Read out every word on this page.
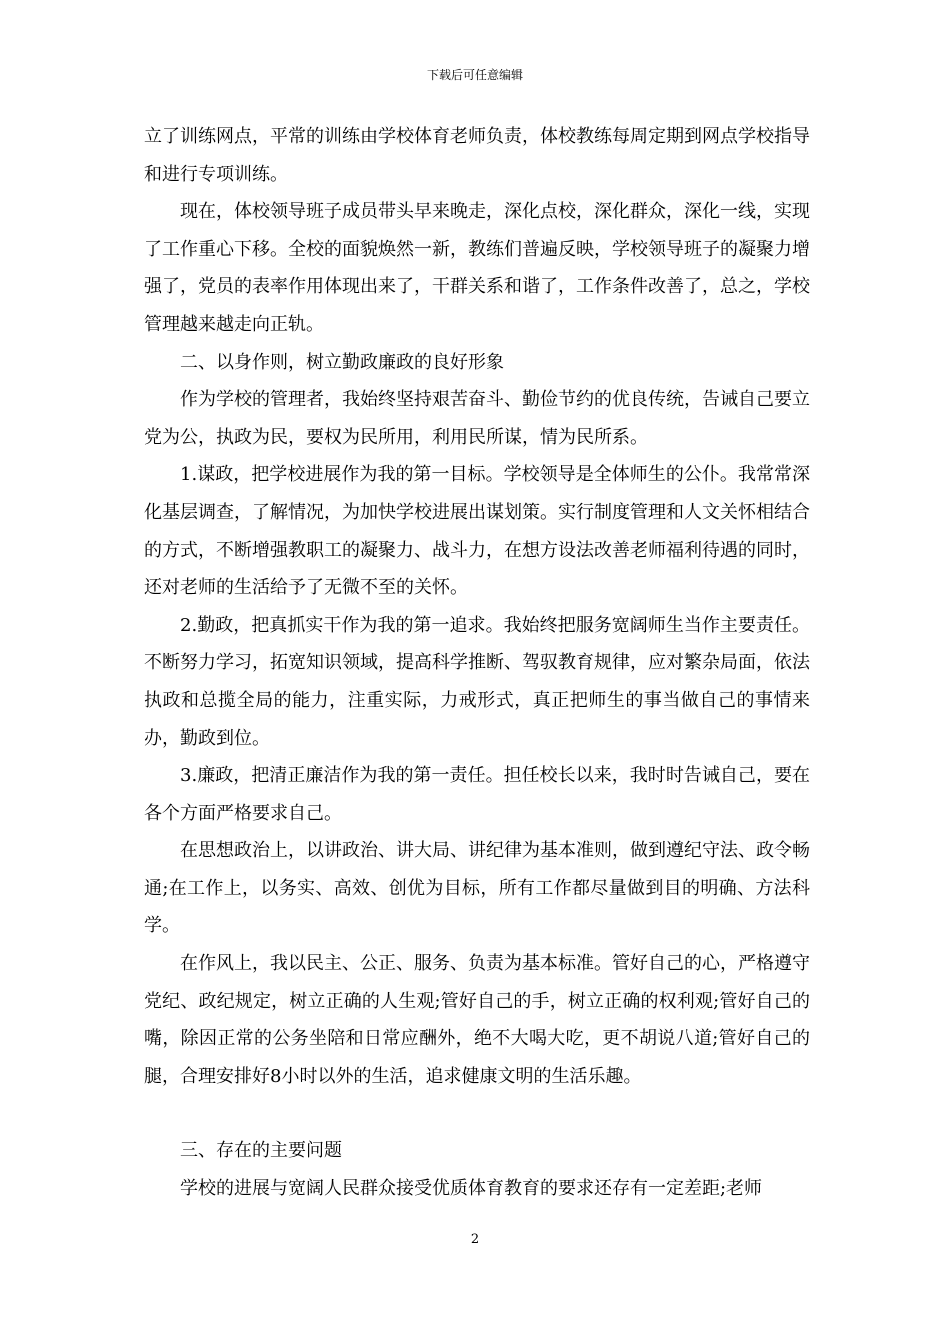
下载后可任意编辑

立了训练网点，平常的训练由学校体育老师负责，体校教练每周定期到网点学校指导和进行专项训练。

现在，体校领导班子成员带头早来晚走，深化点校，深化群众，深化一线，实现了工作重心下移。全校的面貌焕然一新，教练们普遍反映，学校领导班子的凝聚力增强了，党员的表率作用体现出来了，干群关系和谐了，工作条件改善了，总之，学校管理越来越走向正轨。

二、以身作则，树立勤政廉政的良好形象

作为学校的管理者，我始终坚持艰苦奋斗、勤俭节约的优良传统，告诫自己要立党为公，执政为民，要权为民所用，利用民所谋，情为民所系。

1.谋政，把学校进展作为我的第一目标。学校领导是全体师生的公仆。我常常深化基层调查，了解情况，为加快学校进展出谋划策。实行制度管理和人文关怀相结合的方式，不断增强教职工的凝聚力、战斗力，在想方设法改善老师福利待遇的同时，还对老师的生活给予了无微不至的关怀。

2.勤政，把真抓实干作为我的第一追求。我始终把服务宽阔师生当作主要责任。不断努力学习，拓宽知识领域，提高科学推断、驾驭教育规律，应对繁杂局面，依法执政和总揽全局的能力，注重实际，力戒形式，真正把师生的事当做自己的事情来办，勤政到位。

3.廉政，把清正廉洁作为我的第一责任。担任校长以来，我时时告诫自己，要在各个方面严格要求自己。

在思想政治上，以讲政治、讲大局、讲纪律为基本准则，做到遵纪守法、政令畅通;在工作上，以务实、高效、创优为目标，所有工作都尽量做到目的明确、方法科学。

在作风上，我以民主、公正、服务、负责为基本标准。管好自己的心，严格遵守党纪、政纪规定，树立正确的人生观;管好自己的手，树立正确的权利观;管好自己的嘴，除因正常的公务坐陪和日常应酬外，绝不大喝大吃，更不胡说八道;管好自己的腿，合理安排好8小时以外的生活，追求健康文明的生活乐趣。

三、存在的主要问题

学校的进展与宽阔人民群众接受优质体育教育的要求还存有一定差距;老师

2
